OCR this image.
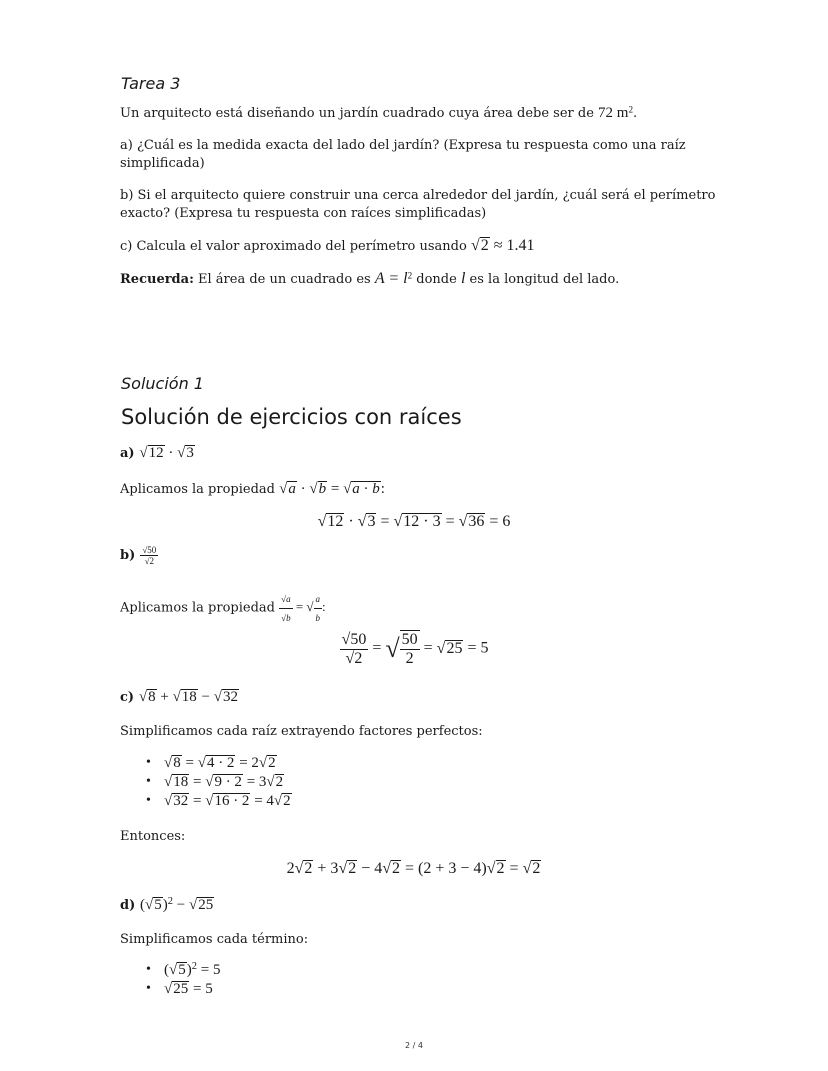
Tarea 3
Un arquitecto está diseñando un jardín cuadrado cuya área debe ser de 72 $m^2$.
a) ¿Cuál es la medida exacta del lado del jardín? (Expresa tu respuesta como una raíz
simplificada)
b) Si el arquitecto quiere construir una cerca alrededor del jardín, ¿cuál será el perímetro
exacto? (Expresa tu respuesta con raíces simplificadas)
c) Calcula el valor aproximado del perímetro usando √2 ≈ 1.41
Recuerda: El área de un cuadrado es $A = l^2$ donde l es la longitud del lado.
Solución 1
Solución de ejercicios con raíces
a) √12 · √3
Aplicamos la propiedad √a · √b = √a · b:
√12 · √3 = √12 · 3 = √36 = 6
$b) \frac{√50}{√2}$
Aplicamos la propiedad $\frac{√a}{√b}$ = √ $\frac{a}{b}$ :
$\frac{√50}{√2}$ = √ $\frac{50}{2} = √25 = 5$
c) √8 + √18 − √32
Simplificamos cada raíz extrayendo factores perfectos:
• √8 = √4 · 2 = 2√2
• √18 = √9 · 2 = 3√2
• √32 = √16 · 2 = 4√2
Entonces:
2√2 + 3√2 − 4√2 = (2 + 3 − 4)√2 = √2
d) $(√5)^2 - √25$
Simplificamos cada término:
• $(√5)^2 = 5$
• √25 = 5
2 / 4
